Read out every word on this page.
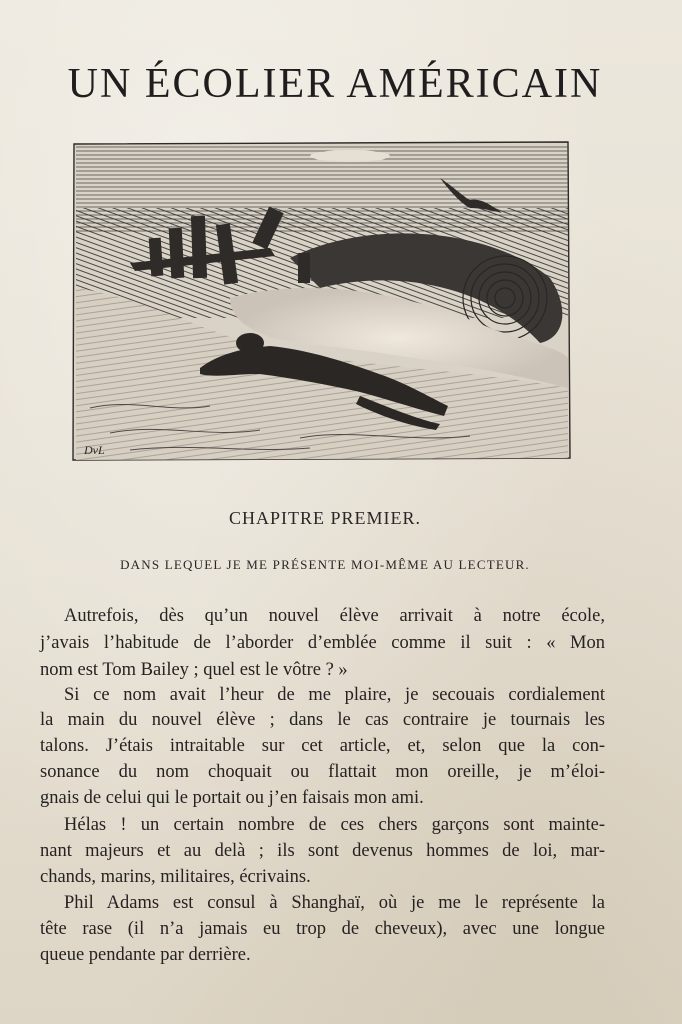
UN ÉCOLIER AMÉRICAIN
DvL
CHAPITRE PREMIER.
DANS LEQUEL JE ME PRÉSENTE MOI-MÊME AU LECTEUR.
Autrefois, dès qu’un nouvel élève arrivait à notre école,
j’avais l’habitude de l’aborder d’emblée comme il suit : « Mon
nom est Tom Bailey ; quel est le vôtre ? »
Si ce nom avait l’heur de me plaire, je secouais cordialement
la main du nouvel élève ; dans le cas contraire je tournais les
talons. J’étais intraitable sur cet article, et, selon que la con-
sonance du nom choquait ou flattait mon oreille, je m’éloi-
gnais de celui qui le portait ou j’en faisais mon ami.
Hélas ! un certain nombre de ces chers garçons sont mainte-
nant majeurs et au delà ; ils sont devenus hommes de loi, mar-
chands, marins, militaires, écrivains.
Phil Adams est consul à Shanghaï, où je me le représente la
tête rase (il n’a jamais eu trop de cheveux), avec une longue
queue pendante par derrière.
